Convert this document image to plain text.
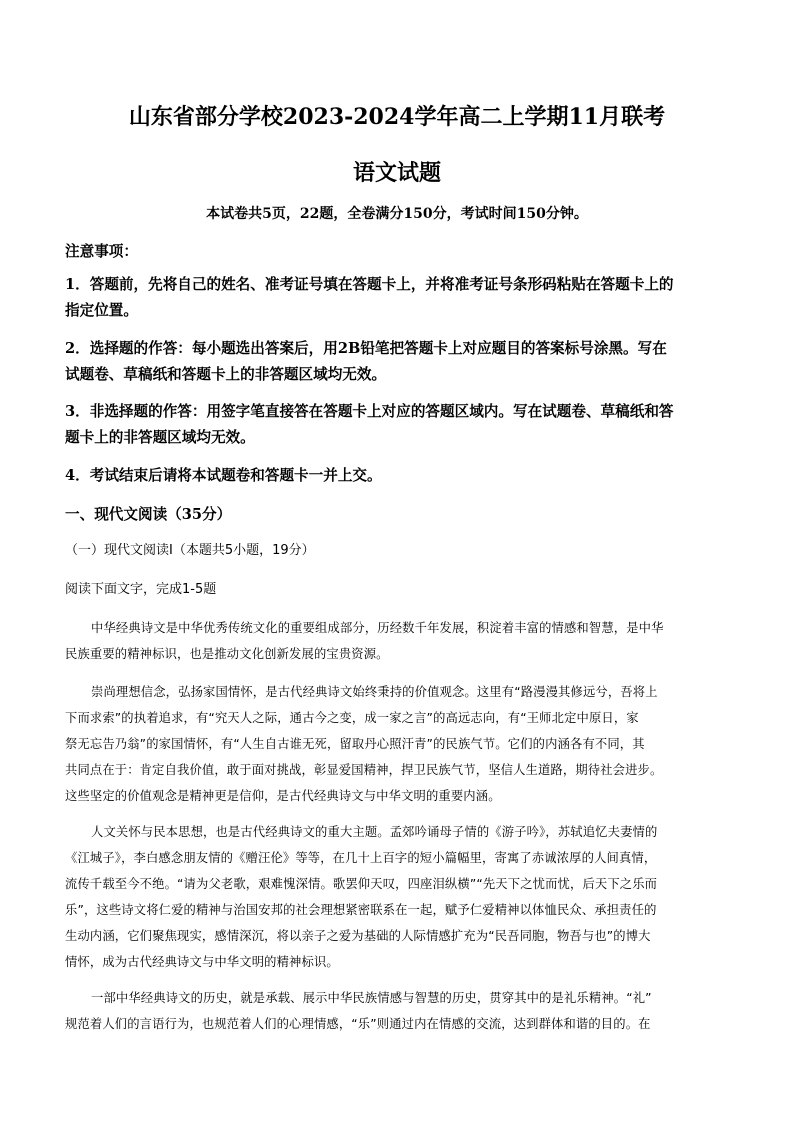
山东省部分学校2023-2024学年高二上学期11月联考
语文试题
本试卷共5页，22题，全卷满分150分，考试时间150分钟。
注意事项：
1．答题前，先将自己的姓名、准考证号填在答题卡上，并将准考证号条形码粘贴在答题卡上的
指定位置。
2．选择题的作答：每小题选出答案后，用2B铅笔把答题卡上对应题目的答案标号涂黑。写在
试题卷、草稿纸和答题卡上的非答题区域均无效。
3．非选择题的作答：用签字笔直接答在答题卡上对应的答题区域内。写在试题卷、草稿纸和答
题卡上的非答题区域均无效。
4．考试结束后请将本试题卷和答题卡一并上交。
一、现代文阅读（35分）
（一）现代文阅读Ⅰ（本题共5小题，19分）
阅读下面文字，完成1-5题
中华经典诗文是中华优秀传统文化的重要组成部分，历经数千年发展，积淀着丰富的情感和智慧，是中华
民族重要的精神标识，也是推动文化创新发展的宝贵资源。
崇尚理想信念，弘扬家国情怀，是古代经典诗文始终秉持的价值观念。这里有“路漫漫其修远兮，吾将上
下而求索”的执着追求，有“究天人之际，通古今之变，成一家之言”的高远志向，有“王师北定中原日，家
祭无忘告乃翁”的家国情怀，有“人生自古谁无死，留取丹心照汗青”的民族气节。它们的内涵各有不同，其
共同点在于：肯定自我价值，敢于面对挑战，彰显爱国精神，捍卫民族气节，坚信人生道路，期待社会进步。
这些坚定的价值观念是精神更是信仰，是古代经典诗文与中华文明的重要内涵。
人文关怀与民本思想，也是古代经典诗文的重大主题。孟郊吟诵母子情的《游子吟》，苏轼追忆夫妻情的
《江城子》，李白感念朋友情的《赠汪伦》等等，在几十上百字的短小篇幅里，寄寓了赤诚浓厚的人间真情，
流传千载至今不绝。“请为父老歌，艰难愧深情。歌罢仰天叹，四座泪纵横”“先天下之忧而忧，后天下之乐而
乐”，这些诗文将仁爱的精神与治国安邦的社会理想紧密联系在一起，赋予仁爱精神以体恤民众、承担责任的
生动内涵，它们聚焦现实，感情深沉，将以亲子之爱为基础的人际情感扩充为“民吾同胞，物吾与也”的博大
情怀，成为古代经典诗文与中华文明的精神标识。
一部中华经典诗文的历史，就是承载、展示中华民族情感与智慧的历史，贯穿其中的是礼乐精神。“礼”
规范着人们的言语行为，也规范着人们的心理情感，“乐”则通过内在情感的交流，达到群体和谐的目的。在
